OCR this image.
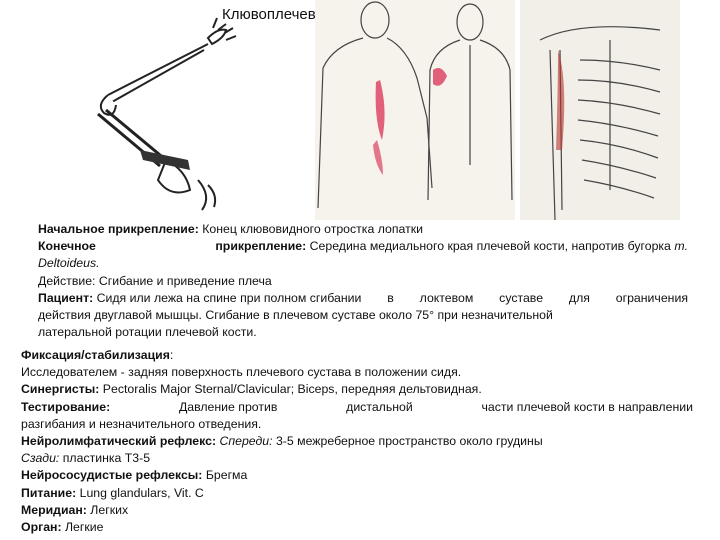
Клювоплечевая мышца
Начальное прикрепление: Конец клювовидного отростка лопатки
Конечное	прикрепление: Середина медиального края плечевой кости, напротив бугорка m.
Deltoideus.
Действие: Сгибание и приведение плеча
Пациент: Сидя или лежа на спине при полном сгибании в локтевом суставе для ограничения
действия двуглавой мышцы. Сгибание в плечевом суставе около 75° при незначительной
латеральной ротации плечевой кости.
Фиксация/стабилизация:
Исследователем - задняя поверхность плечевого сустава в положении сидя.
Синергисты: Pectoralis Major Sternal/Clavicular; Biceps, передняя дельтовидная.
Тестирование:	Давление против	дистальной	части плечевой кости в направлении
разгибания и незначительного отведения.
Нейролимфатический рефлекс: Спереди: 3-5 межреберное пространство около грудины
Сзади: пластинка Т3-5
Нейрососудистые рефлексы: Брегма
Питание: Lung glandulars, Vit. C
Меридиан: Легких
Орган: Легкие
